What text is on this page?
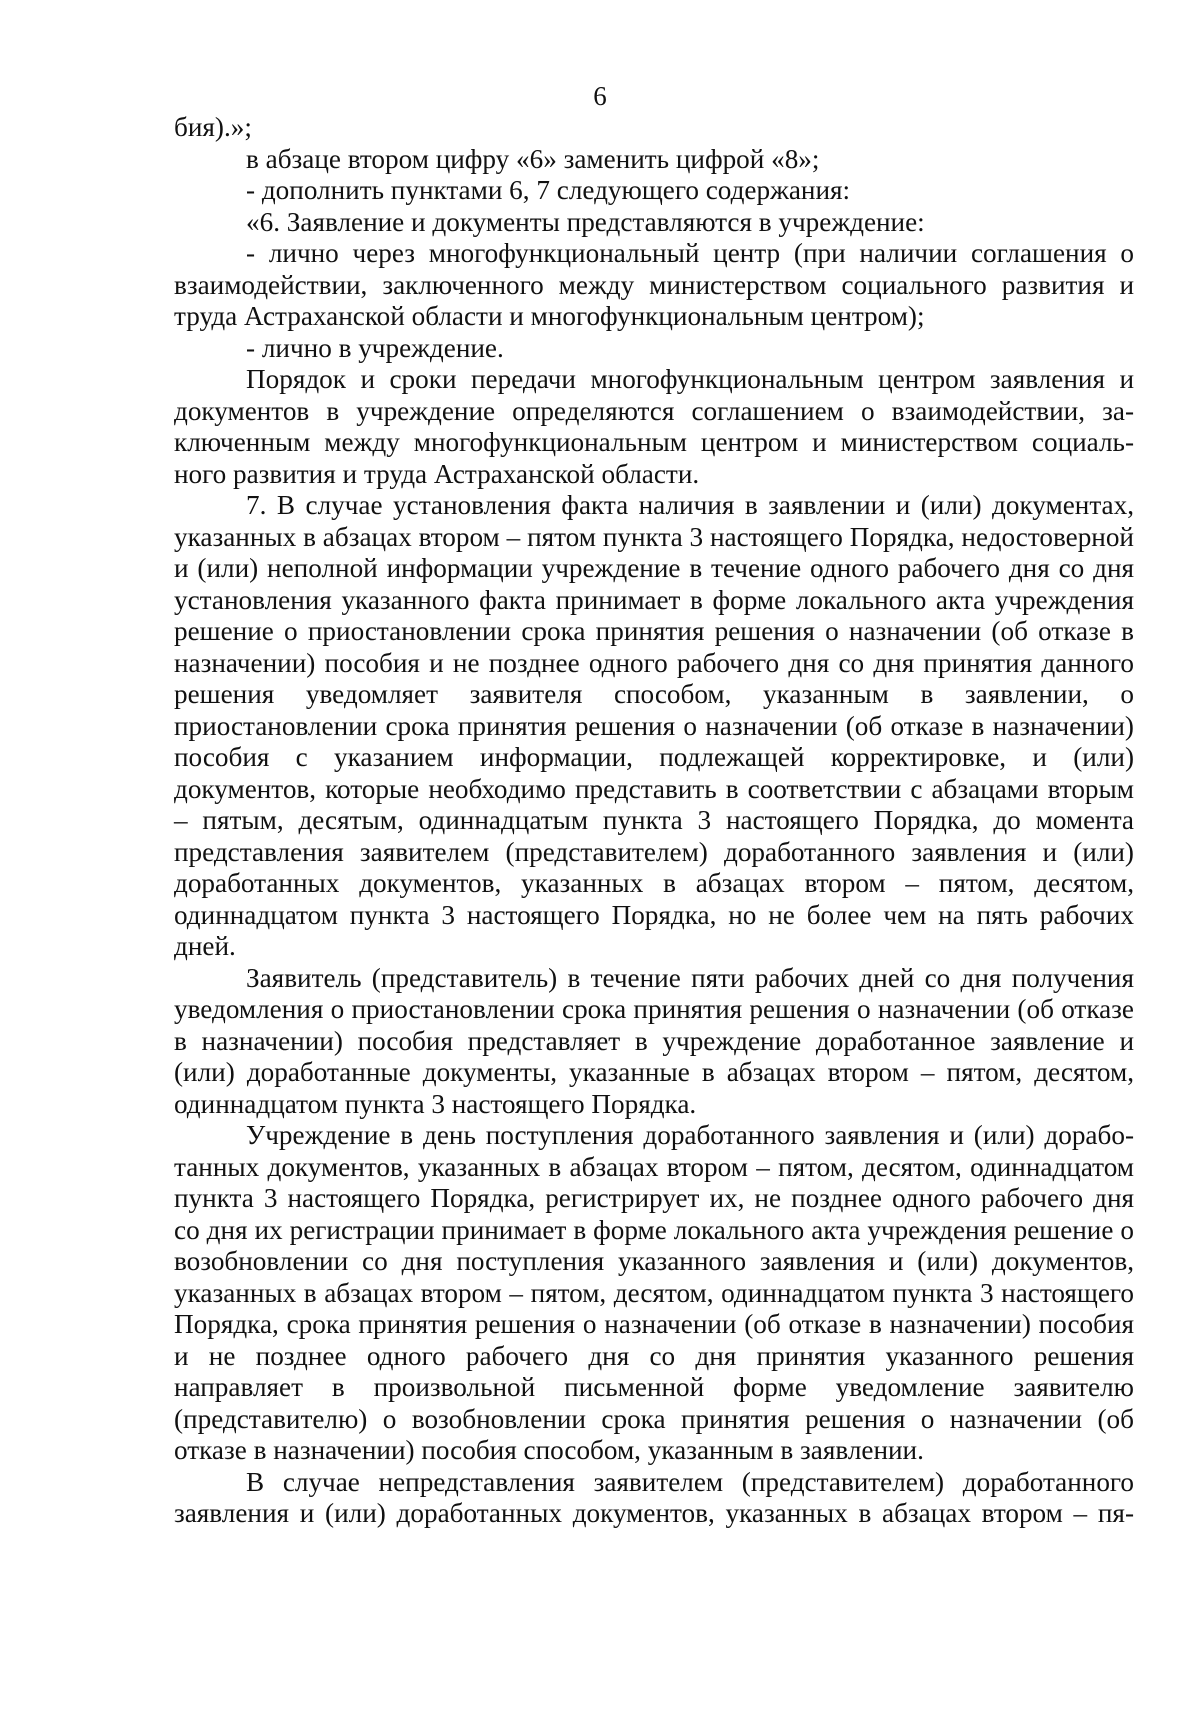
6

бия).»;

в абзаце втором цифру «6» заменить цифрой «8»;

- дополнить пунктами 6, 7 следующего содержания:

«6. Заявление и документы представляются в учреждение:

- лично через многофункциональный центр (при наличии соглашения о взаимодействии, заключенного между министерством социального развития и труда Астраханской области и многофункциональным центром);

- лично в учреждение.

Порядок и сроки передачи многофункциональным центром заявления и документов в учреждение определяются соглашением о взаимодействии, заключенным между многофункциональным центром и министерством социального развития и труда Астраханской области.

7. В случае установления факта наличия в заявлении и (или) документах, указанных в абзацах втором – пятом пункта 3 настоящего Порядка, недостоверной и (или) неполной информации учреждение в течение одного рабочего дня со дня установления указанного факта принимает в форме локального акта учреждения решение о приостановлении срока принятия решения о назначении (об отказе в назначении) пособия и не позднее одного рабочего дня со дня принятия данного решения уведомляет заявителя способом, указанным в заявлении, о приостановлении срока принятия решения о назначении (об отказе в назначении) пособия с указанием информации, подлежащей корректировке, и (или) документов, которые необходимо представить в соответствии с абзацами вторым – пятым, десятым, одиннадцатым пункта 3 настоящего Порядка, до момента представления заявителем (представителем) доработанного заявления и (или) доработанных документов, указанных в абзацах втором – пятом, десятом, одиннадцатом пункта 3 настоящего Порядка, но не более чем на пять рабочих дней.

Заявитель (представитель) в течение пяти рабочих дней со дня получения уведомления о приостановлении срока принятия решения о назначении (об отказе в назначении) пособия представляет в учреждение доработанное заявление и (или) доработанные документы, указанные в абзацах втором – пятом, десятом, одиннадцатом пункта 3 настоящего Порядка.

Учреждение в день поступления доработанного заявления и (или) доработанных документов, указанных в абзацах втором – пятом, десятом, одиннадцатом пункта 3 настоящего Порядка, регистрирует их, не позднее одного рабочего дня со дня их регистрации принимает в форме локального акта учреждения решение о возобновлении со дня поступления указанного заявления и (или) документов, указанных в абзацах втором – пятом, десятом, одиннадцатом пункта 3 настоящего Порядка, срока принятия решения о назначении (об отказе в назначении) пособия и не позднее одного рабочего дня со дня принятия указанного решения направляет в произвольной письменной форме уведомление заявителю (представителю) о возобновлении срока принятия решения о назначении (об отказе в назначении) пособия способом, указанным в заявлении.

В случае непредставления заявителем (представителем) доработанного заявления и (или) доработанных документов, указанных в абзацах втором – пя-
